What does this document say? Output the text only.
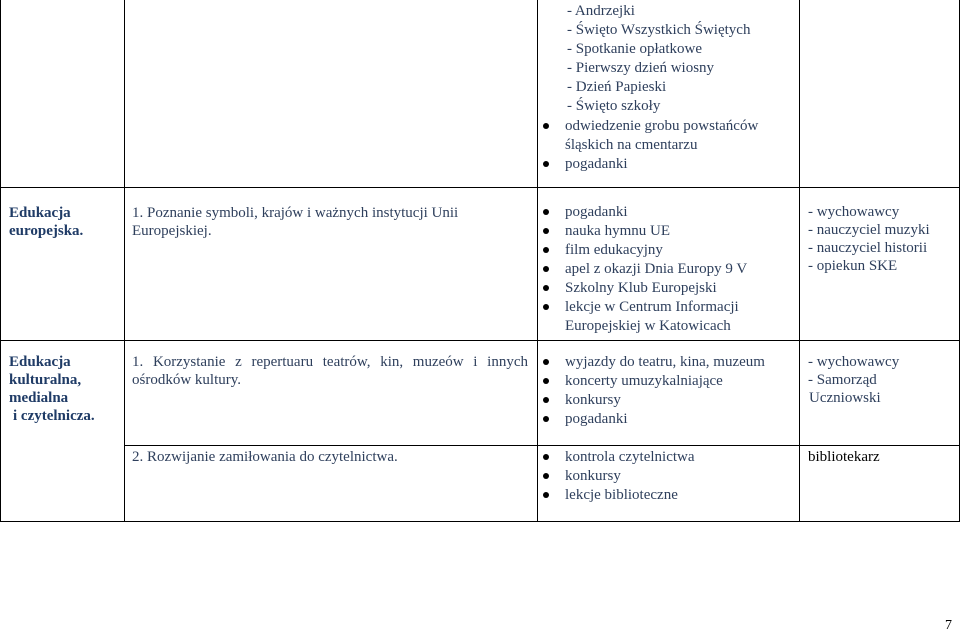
- Andrzejki
- Święto Wszystkich Świętych
- Spotkanie opłatkowe
- Pierwszy dzień wiosny
- Dzień Papieski
- Święto szkoły
odwiedzenie grobu powstańców
śląskich na cmentarzu
pogadanki
Edukacja
europejska.
1. Poznanie symboli, krajów i ważnych instytucji Unii Europejskiej.
pogadanki
nauka hymnu UE
film edukacyjny
apel z okazji Dnia Europy 9 V
Szkolny Klub Europejski
lekcje w Centrum Informacji
Europejskiej w Katowicach
- wychowawcy
- nauczyciel muzyki
- nauczyciel historii
- opiekun SKE
Edukacja
kulturalna,
medialna
i czytelnicza.
1. Korzystanie z repertuaru teatrów, kin, muzeów i innych ośrodków kultury.
wyjazdy do teatru, kina, muzeum
koncerty umuzykalniające
konkursy
pogadanki
- wychowawcy
- Samorząd
Uczniowski
2. Rozwijanie zamiłowania do czytelnictwa.	kontrola czytelnictwa
konkursy
lekcje biblioteczne
bibliotekarz
7
